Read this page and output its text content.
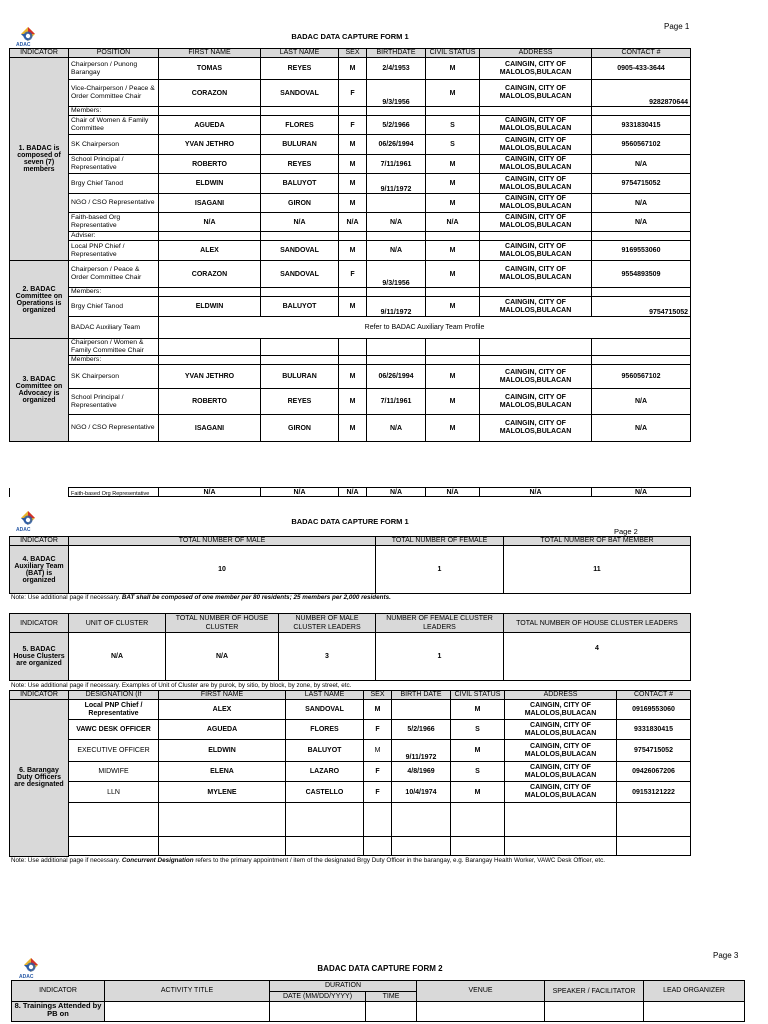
Page 1
ADAC
BADAC DATA CAPTURE FORM 1
INDICATOR	POSITION	FIRST NAME	LAST NAME	SEX	BIRTHDATE	CIVIL STATUS	ADDRESS	CONTACT #
1. BADAC is composed of seven (7) members	Chairperson / Punong Barangay	TOMAS	REYES	M	2/4/1953	M	CAINGIN, CITY OF MALOLOS,BULACAN	0905-433-3644
	Vice-Chairperson / Peace & Order Committee Chair	CORAZON	SANDOVAL	F	9/3/1956	M	CAINGIN, CITY OF MALOLOS,BULACAN	9282870644
	Members:							
	Chair of Women & Family Committee	AGUEDA	FLORES	F	5/2/1966	S	CAINGIN, CITY OF MALOLOS,BULACAN	9331830415
	SK Chairperson	YVAN JETHRO	BULURAN	M	06/26/1994	S	CAINGIN, CITY OF MALOLOS,BULACAN	9560567102
	School Principal / Representative	ROBERTO	REYES	M	7/11/1961	M	CAINGIN, CITY OF MALOLOS,BULACAN	N/A
	Brgy Chief Tanod	ELDWIN	BALUYOT	M	9/11/1972	M	CAINGIN, CITY OF MALOLOS,BULACAN	9754715052
	NGO / CSO Representative	ISAGANI	GIRON	M		M	CAINGIN, CITY OF MALOLOS,BULACAN	N/A
	Faith-based Org Representative	N/A	N/A	N/A	N/A	N/A	CAINGIN, CITY OF MALOLOS,BULACAN	N/A
	Adviser:							
	Local PNP Chief / Representative	ALEX	SANDOVAL	M	N/A	M	CAINGIN, CITY OF MALOLOS,BULACAN	9169553060
2. BADAC Committee on Operations is organized	Chairperson / Peace & Order Committee Chair	CORAZON	SANDOVAL	F	9/3/1956	M	CAINGIN, CITY OF MALOLOS,BULACAN	9554893509
	Members:							
	Brgy Chief Tanod	ELDWIN	BALUYOT	M	9/11/1972	M	CAINGIN, CITY OF MALOLOS,BULACAN	9754715052
	BADAC Auxiliary Team	Refer to BADAC Auxiliary Team Profile						
3. BADAC Committee on Advocacy is organized	Chairperson / Women & Family Committee Chair							
	Members:							
	SK Chairperson	YVAN JETHRO	BULURAN	M	06/26/1994	M	CAINGIN, CITY OF MALOLOS,BULACAN	9560567102
	School Principal / Representative	ROBERTO	REYES	M	7/11/1961	M	CAINGIN, CITY OF MALOLOS,BULACAN	N/A
	NGO / CSO Representative	ISAGANI	GIRON	M	N/A	M	CAINGIN, CITY OF MALOLOS,BULACAN	N/A
	Faith-based Org Representative	N/A	N/A	N/A	N/A	N/A	N/A	N/A
ADAC
BADAC DATA CAPTURE FORM 1
Page 2
INDICATOR	TOTAL NUMBER OF MALE	TOTAL NUMBER OF FEMALE	TOTAL NUMBER OF BAT MEMBER
4. BADAC Auxiliary Team (BAT) is organized	10	1	11
Note: Use additional page if necessary. BAT shall be composed of one member per 80 residents; 25 members per 2,000 residents.
INDICATOR	UNIT OF CLUSTER	TOTAL NUMBER OF HOUSE CLUSTER	NUMBER OF MALE CLUSTER LEADERS	NUMBER OF FEMALE CLUSTER LEADERS	TOTAL NUMBER OF HOUSE CLUSTER LEADERS
5. BADAC House Clusters are organized	N/A	N/A	3	1	4
Note: Use additional page if necessary. Examples of Unit of Cluster are by purok, by sitio, by block, by zone, by street, etc.
INDICATOR	DESIGNATION (If	FIRST NAME	LAST NAME	SEX	BIRTH DATE	CIVIL STATUS	ADDRESS	CONTACT #
6. Barangay Duty Officers are designated	Local PNP Chief / Representative	ALEX	SANDOVAL	M		M	CAINGIN, CITY OF MALOLOS,BULACAN	09169553060
	VAWC DESK OFFICER	AGUEDA	FLORES	F	5/2/1966	S	CAINGIN, CITY OF MALOLOS,BULACAN	9331830415
	EXECUTIVE OFFICER	ELDWIN	BALUYOT	M	9/11/1972	M	CAINGIN, CITY OF MALOLOS,BULACAN	9754715052
	MIDWIFE	ELENA	LAZARO	F	4/8/1969	S	CAINGIN, CITY OF MALOLOS,BULACAN	09426067206
	LLN	MYLENE	CASTELLO	F	10/4/1974	M	CAINGIN, CITY OF MALOLOS,BULACAN	09153121222

Note: Use additional page if necessary. Concurrent Designation refers to the primary appointment / item of the designated Brgy Duty Officer in the barangay, e.g. Barangay Health Worker, VAWC Desk Officer, etc.
Page 3
ADAC
BADAC DATA CAPTURE FORM 2
INDICATOR	ACTIVITY TITLE	DURATION		VENUE	SPEAKER / FACILITATOR	LEAD ORGANIZER
		DATE (MM/DD/YYYY)	TIME			
8. Trainings Attended by PB on						
